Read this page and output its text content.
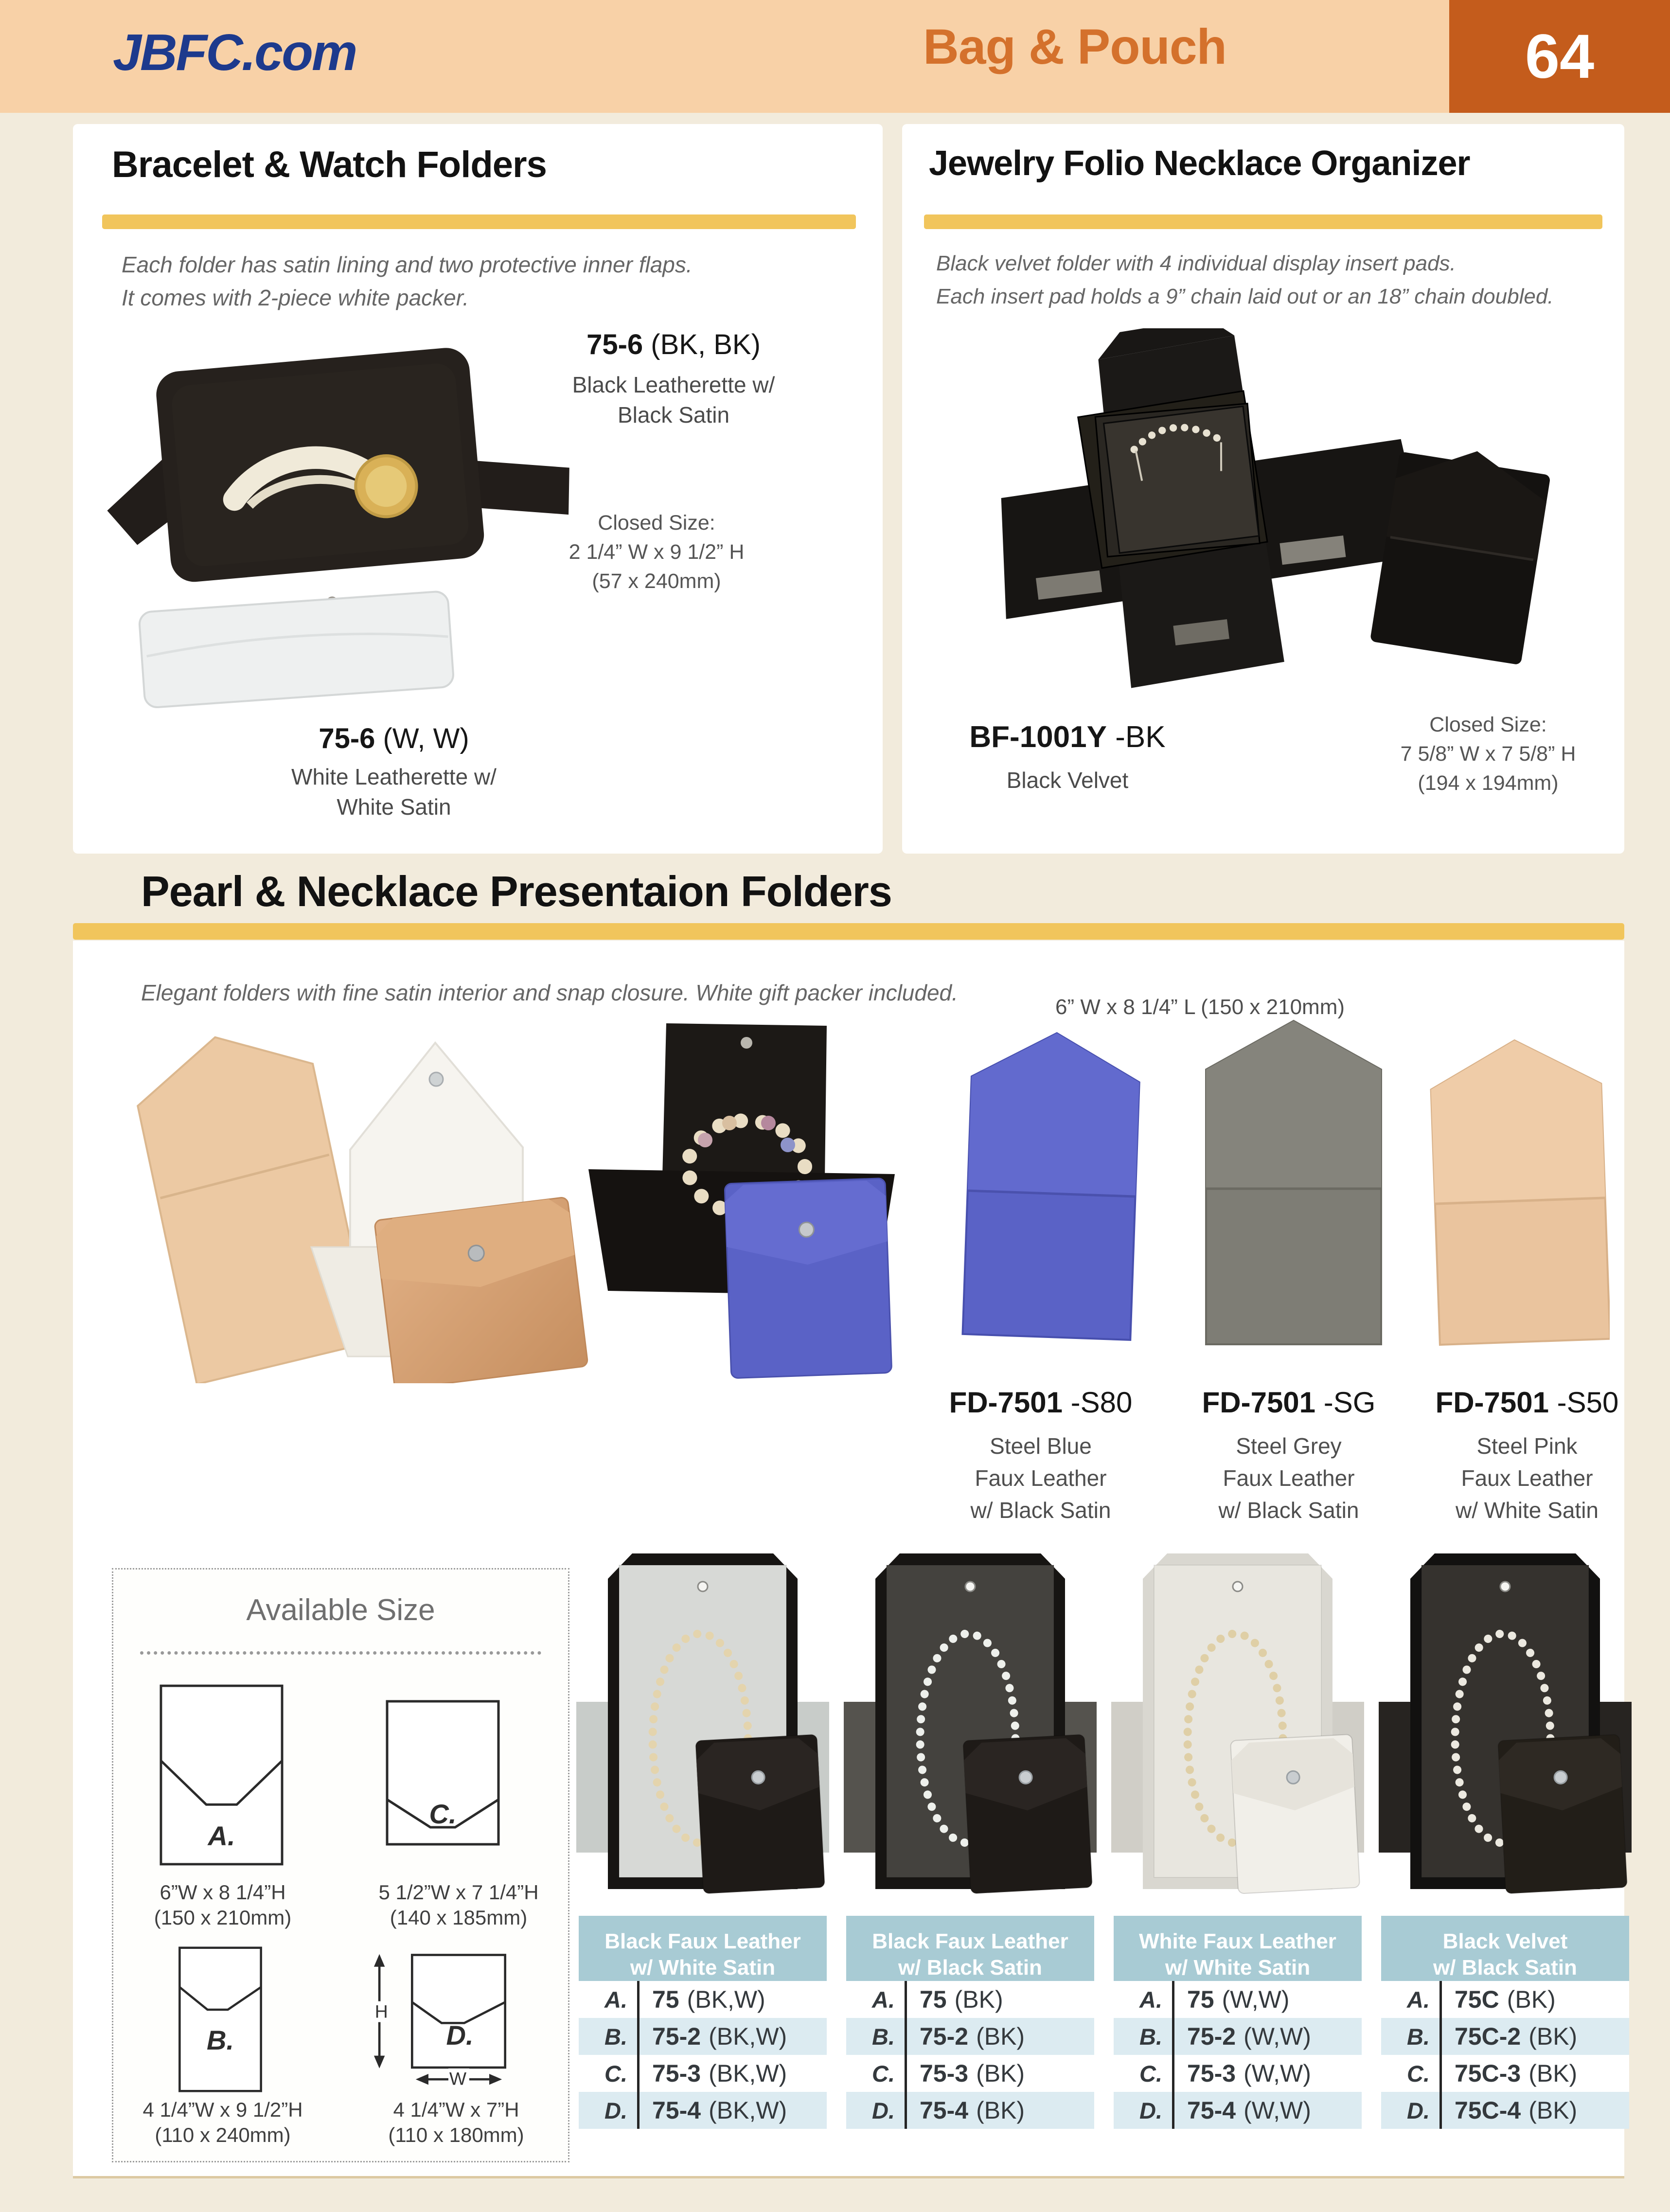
JBFC.com	Bag & Pouch	64
Bracelet & Watch Folders
Each folder has satin lining and two protective inner flaps.
It comes with 2-piece white packer.
75-6 (BK, BK)
Black Leatherette w/
Black Satin
Closed Size:
2 1/4” W x 9 1/2” H
(57 x 240mm)
75-6 (W, W)
White Leatherette w/
White Satin
Jewelry Folio Necklace Organizer
Black velvet folder with 4 individual display insert pads.
Each insert pad holds a 9” chain laid out or an 18” chain doubled.
BF-1001Y -BK
Black Velvet
Closed Size:
7 5/8” W x 7 5/8” H
(194 x 194mm)
Pearl & Necklace Presentaion Folders
Elegant folders with fine satin interior and snap closure. White gift packer included.
6” W x 8 1/4” L (150 x 210mm)
FD-7501 -S80
Steel Blue
Faux Leather
w/ Black Satin
FD-7501 -SG
Steel Grey
Faux Leather
w/ Black Satin
FD-7501 -S50
Steel Pink
Faux Leather
w/ White Satin
Available Size
A.
6”W x 8 1/4”H
(150 x 210mm)
C.
5 1/2”W x 7 1/4”H
(140 x 185mm)
B.
4 1/4”W x 9 1/2”H
(110 x 240mm)
H
W
D.
4 1/4”W x 7”H
(110 x 180mm)
Black Faux Leather
w/ White Satin
A.	75 (BK,W)
B.	75-2 (BK,W)
C.	75-3 (BK,W)
D.	75-4 (BK,W)
Black Faux Leather
w/ Black Satin
A.	75 (BK)
B.	75-2 (BK)
C.	75-3 (BK)
D.	75-4 (BK)
White Faux Leather
w/ White Satin
A.	75 (W,W)
B.	75-2 (W,W)
C.	75-3 (W,W)
D.	75-4 (W,W)
Black Velvet
w/ Black Satin
A.	75C (BK)
B.	75C-2 (BK)
C.	75C-3 (BK)
D.	75C-4 (BK)
